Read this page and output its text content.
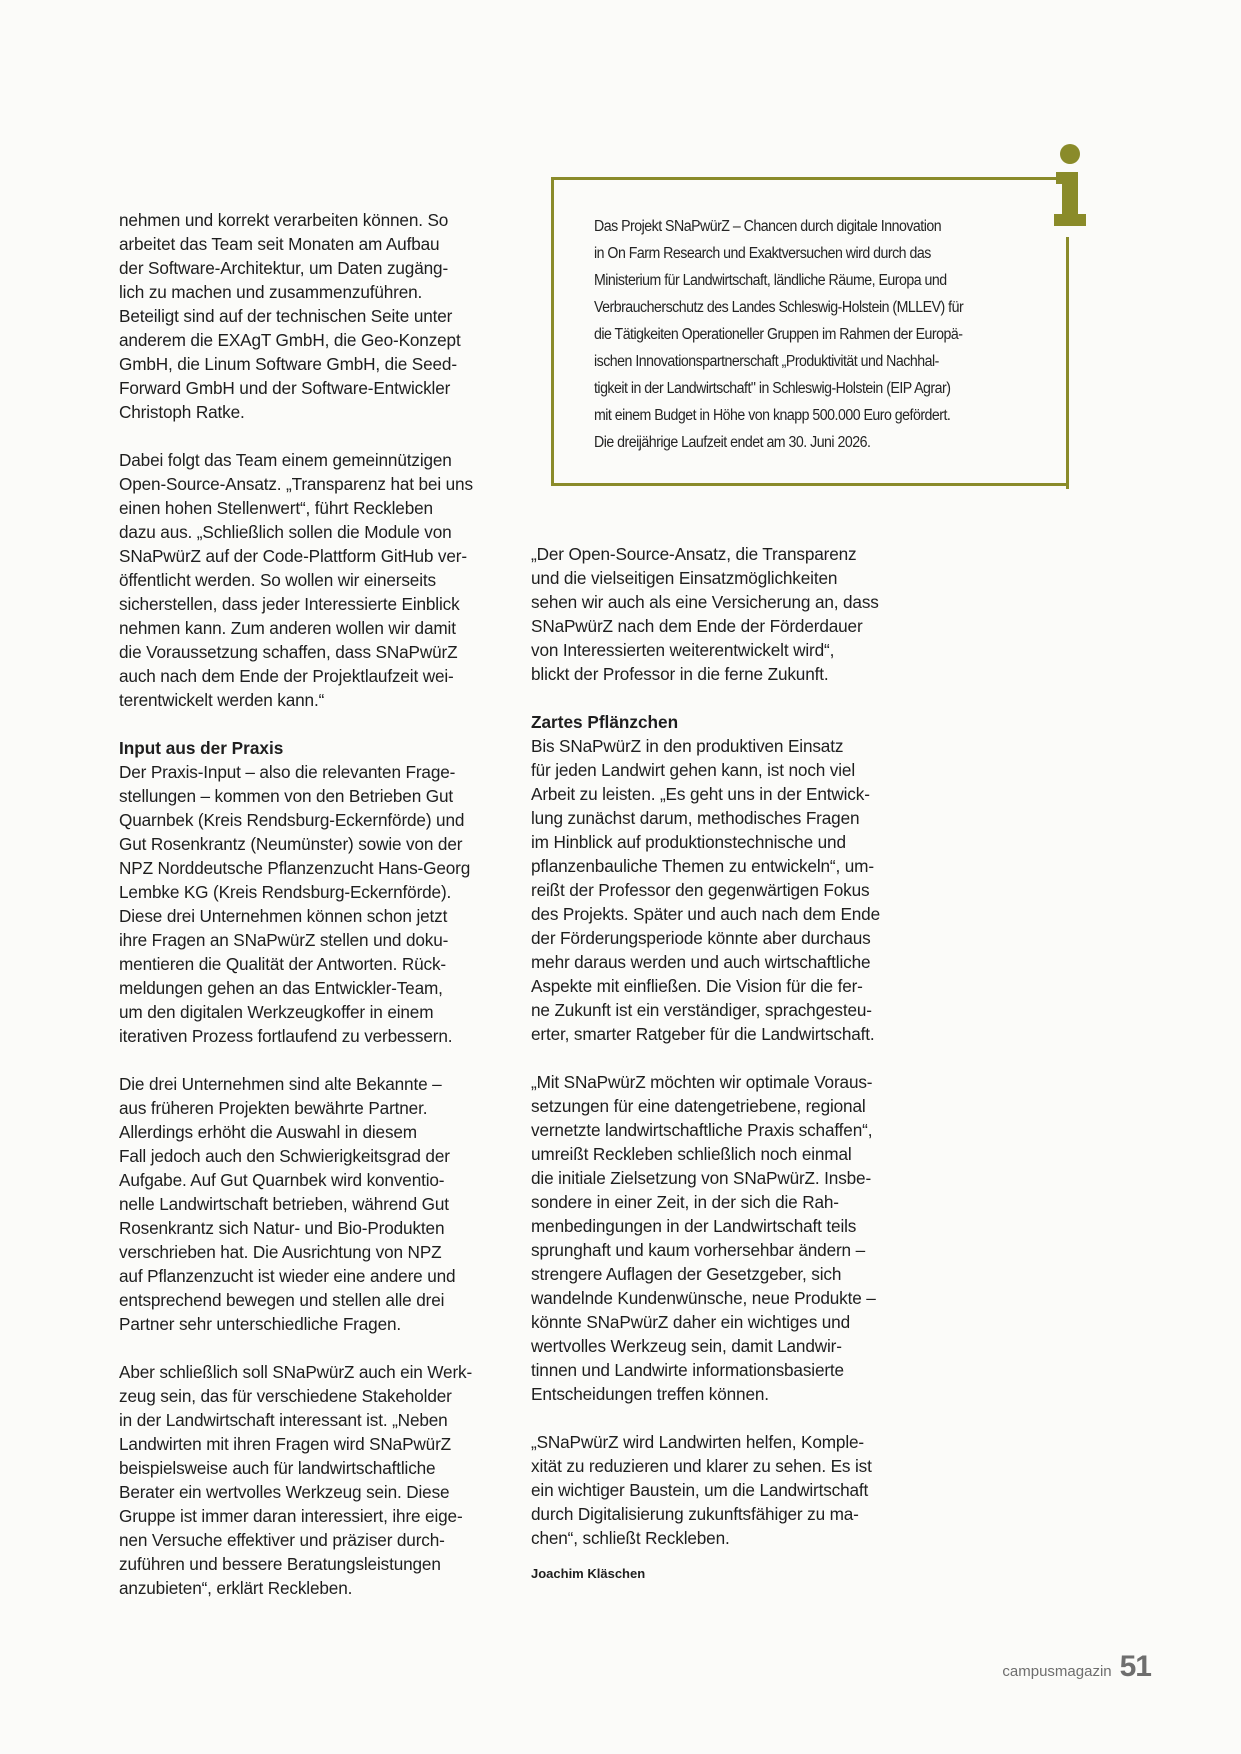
nehmen und korrekt verarbeiten können. So
arbeitet das Team seit Monaten am Aufbau
der Software-Architektur, um Daten zugäng-
lich zu machen und zusammenzuführen.
Beteiligt sind auf der technischen Seite unter
anderem die EXAgT GmbH, die Geo-Konzept
GmbH, die Linum Software GmbH, die Seed-
Forward GmbH und der Software-Entwickler
Christoph Ratke.
Dabei folgt das Team einem gemeinnützigen
Open-Source-Ansatz. „Transparenz hat bei uns
einen hohen Stellenwert“, führt Reckleben
dazu aus. „Schließlich sollen die Module von
SNaPwürZ auf der Code-Plattform GitHub ver-
öffentlicht werden. So wollen wir einerseits
sicherstellen, dass jeder Interessierte Einblick
nehmen kann. Zum anderen wollen wir damit
die Voraussetzung schaffen, dass SNaPwürZ
auch nach dem Ende der Projektlaufzeit wei-
terentwickelt werden kann.“
Input aus der Praxis
Der Praxis-Input – also die relevanten Frage-
stellungen – kommen von den Betrieben Gut
Quarnbek (Kreis Rendsburg-Eckernförde) und
Gut Rosenkrantz (Neumünster) sowie von der
NPZ Norddeutsche Pflanzenzucht Hans-Georg
Lembke KG (Kreis Rendsburg-Eckernförde).
Diese drei Unternehmen können schon jetzt
ihre Fragen an SNaPwürZ stellen und doku-
mentieren die Qualität der Antworten. Rück-
meldungen gehen an das Entwickler-Team,
um den digitalen Werkzeugkoffer in einem
iterativen Prozess fortlaufend zu verbessern.
Die drei Unternehmen sind alte Bekannte –
aus früheren Projekten bewährte Partner.
Allerdings erhöht die Auswahl in diesem
Fall jedoch auch den Schwierigkeitsgrad der
Aufgabe. Auf Gut Quarnbek wird konventio-
nelle Landwirtschaft betrieben, während Gut
Rosenkrantz sich Natur- und Bio-Produkten
verschrieben hat. Die Ausrichtung von NPZ
auf Pflanzenzucht ist wieder eine andere und
entsprechend bewegen und stellen alle drei
Partner sehr unterschiedliche Fragen.
Aber schließlich soll SNaPwürZ auch ein Werk-
zeug sein, das für verschiedene Stakeholder
in der Landwirtschaft interessant ist. „Neben
Landwirten mit ihren Fragen wird SNaPwürZ
beispielsweise auch für landwirtschaftliche
Berater ein wertvolles Werkzeug sein. Diese
Gruppe ist immer daran interessiert, ihre eige-
nen Versuche effektiver und präziser durch-
zuführen und bessere Beratungsleistungen
anzubieten“, erklärt Reckleben.
Das Projekt SNaPwürZ – Chancen durch digitale Innovation
in On Farm Research und Exaktversuchen wird durch das
Ministerium für Landwirtschaft, ländliche Räume, Europa und
Verbraucherschutz des Landes Schleswig-Holstein (MLLEV) für
die Tätigkeiten Operationeller Gruppen im Rahmen der Europä-
ischen Innovationspartnerschaft „Produktivität und Nachhal-
tigkeit in der Landwirtschaft" in Schleswig-Holstein (EIP Agrar)
mit einem Budget in Höhe von knapp 500.000 Euro gefördert.
Die dreijährige Laufzeit endet am 30. Juni 2026.
„Der Open-Source-Ansatz, die Transparenz
und die vielseitigen Einsatzmöglichkeiten
sehen wir auch als eine Versicherung an, dass
SNaPwürZ nach dem Ende der Förderdauer
von Interessierten weiterentwickelt wird“,
blickt der Professor in die ferne Zukunft.
Zartes Pflänzchen
Bis SNaPwürZ in den produktiven Einsatz
für jeden Landwirt gehen kann, ist noch viel
Arbeit zu leisten. „Es geht uns in der Entwick-
lung zunächst darum, methodisches Fragen
im Hinblick auf produktionstechnische und
pflanzenbauliche Themen zu entwickeln“, um-
reißt der Professor den gegenwärtigen Fokus
des Projekts. Später und auch nach dem Ende
der Förderungsperiode könnte aber durchaus
mehr daraus werden und auch wirtschaftliche
Aspekte mit einfließen. Die Vision für die fer-
ne Zukunft ist ein verständiger, sprachgesteu-
erter, smarter Ratgeber für die Landwirtschaft.
„Mit SNaPwürZ möchten wir optimale Voraus-
setzungen für eine datengetriebene, regional
vernetzte landwirtschaftliche Praxis schaffen“,
umreißt Reckleben schließlich noch einmal
die initiale Zielsetzung von SNaPwürZ. Insbe-
sondere in einer Zeit, in der sich die Rah-
menbedingungen in der Landwirtschaft teils
sprunghaft und kaum vorhersehbar ändern –
strengere Auflagen der Gesetzgeber, sich
wandelnde Kundenwünsche, neue Produkte –
könnte SNaPwürZ daher ein wichtiges und
wertvolles Werkzeug sein, damit Landwir-
tinnen und Landwirte informationsbasierte
Entscheidungen treffen können.
„SNaPwürZ wird Landwirten helfen, Komple-
xität zu reduzieren und klarer zu sehen. Es ist
ein wichtiger Baustein, um die Landwirtschaft
durch Digitalisierung zukunftsfähiger zu ma-
chen“, schließt Reckleben.
Joachim Kläschen
campusmagazin 51
